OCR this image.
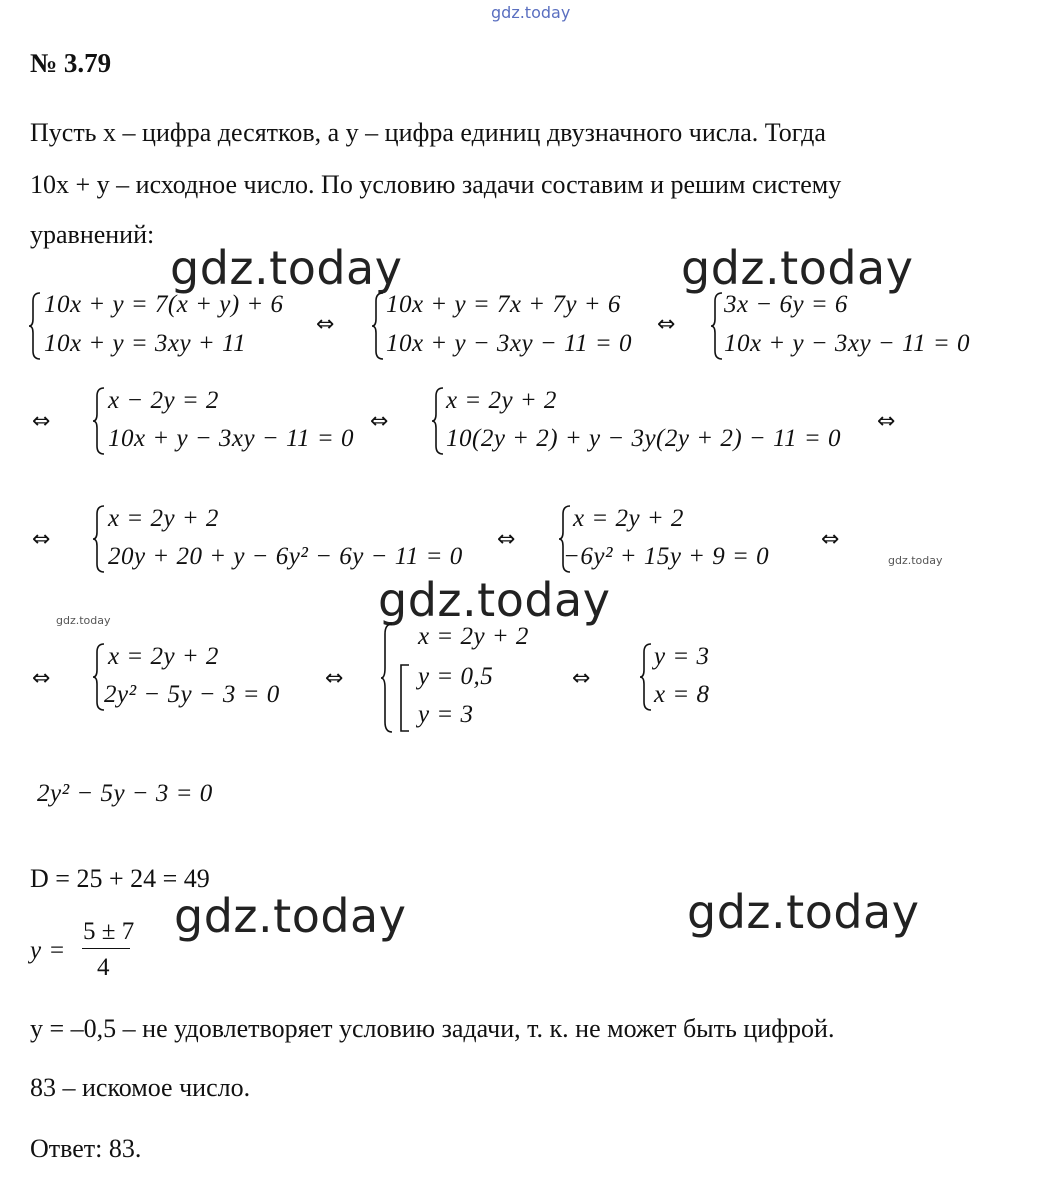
gdz.today
№ 3.79
Пусть x – цифра десятков, а y – цифра единиц двузначного числа. Тогда
10x + y – исходное число. По условию задачи составим и решим систему
уравнений:
gdz.today	gdz.today
gdz.today
gdz.today	gdz.today
gdz.today
gdz.today
10x + y = 7(x + y) + 6
10x + y = 3xy + 11
⇔
10x + y = 7x + 7y + 6
10x + y − 3xy − 11 = 0
⇔
3x − 6y = 6
10x + y − 3xy − 11 = 0
⇔
x − 2y = 2
10x + y − 3xy − 11 = 0
⇔
x = 2y + 2
10(2y + 2) + y − 3y(2y + 2) − 11 = 0
⇔
⇔
x = 2y + 2
20y + 20 + y − 6y² − 6y − 11 = 0
⇔
x = 2y + 2
−6y² + 15y + 9 = 0
⇔
⇔
x = 2y + 2
2y² − 5y − 3 = 0
⇔
x = 2y + 2
y = 0,5
y = 3
⇔
y = 3
x = 8
2y² − 5y − 3 = 0
D = 25 + 24 = 49
y =
5 ± 7
4
y = –0,5 – не удовлетворяет условию задачи, т. к. не может быть цифрой.
83 – искомое число.
Ответ: 83.
